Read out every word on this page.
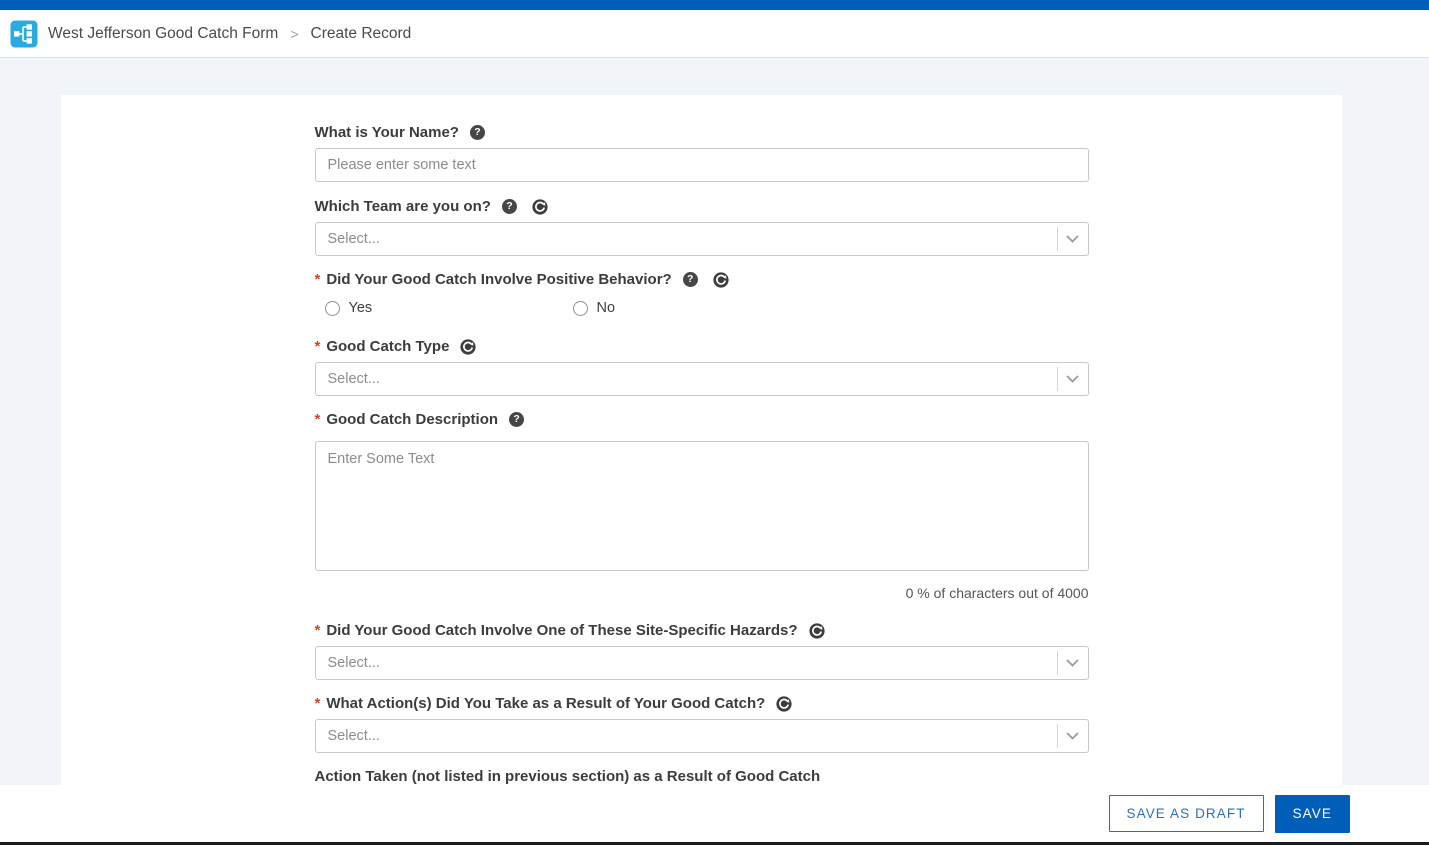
West Jefferson Good Catch Form > Create Record
What is Your Name?	?
Please enter some text
Which Team are you on?	?
Select...
* Did Your Good Catch Involve Positive Behavior?	?
Yes	No
* Good Catch Type
Select...
* Good Catch Description	?
Enter Some Text
0 % of characters out of 4000
* Did Your Good Catch Involve One of These Site-Specific Hazards?
Select...
* What Action(s) Did You Take as a Result of Your Good Catch?
Select...
Action Taken (not listed in previous section) as a Result of Good Catch
SAVE AS DRAFT	SAVE
